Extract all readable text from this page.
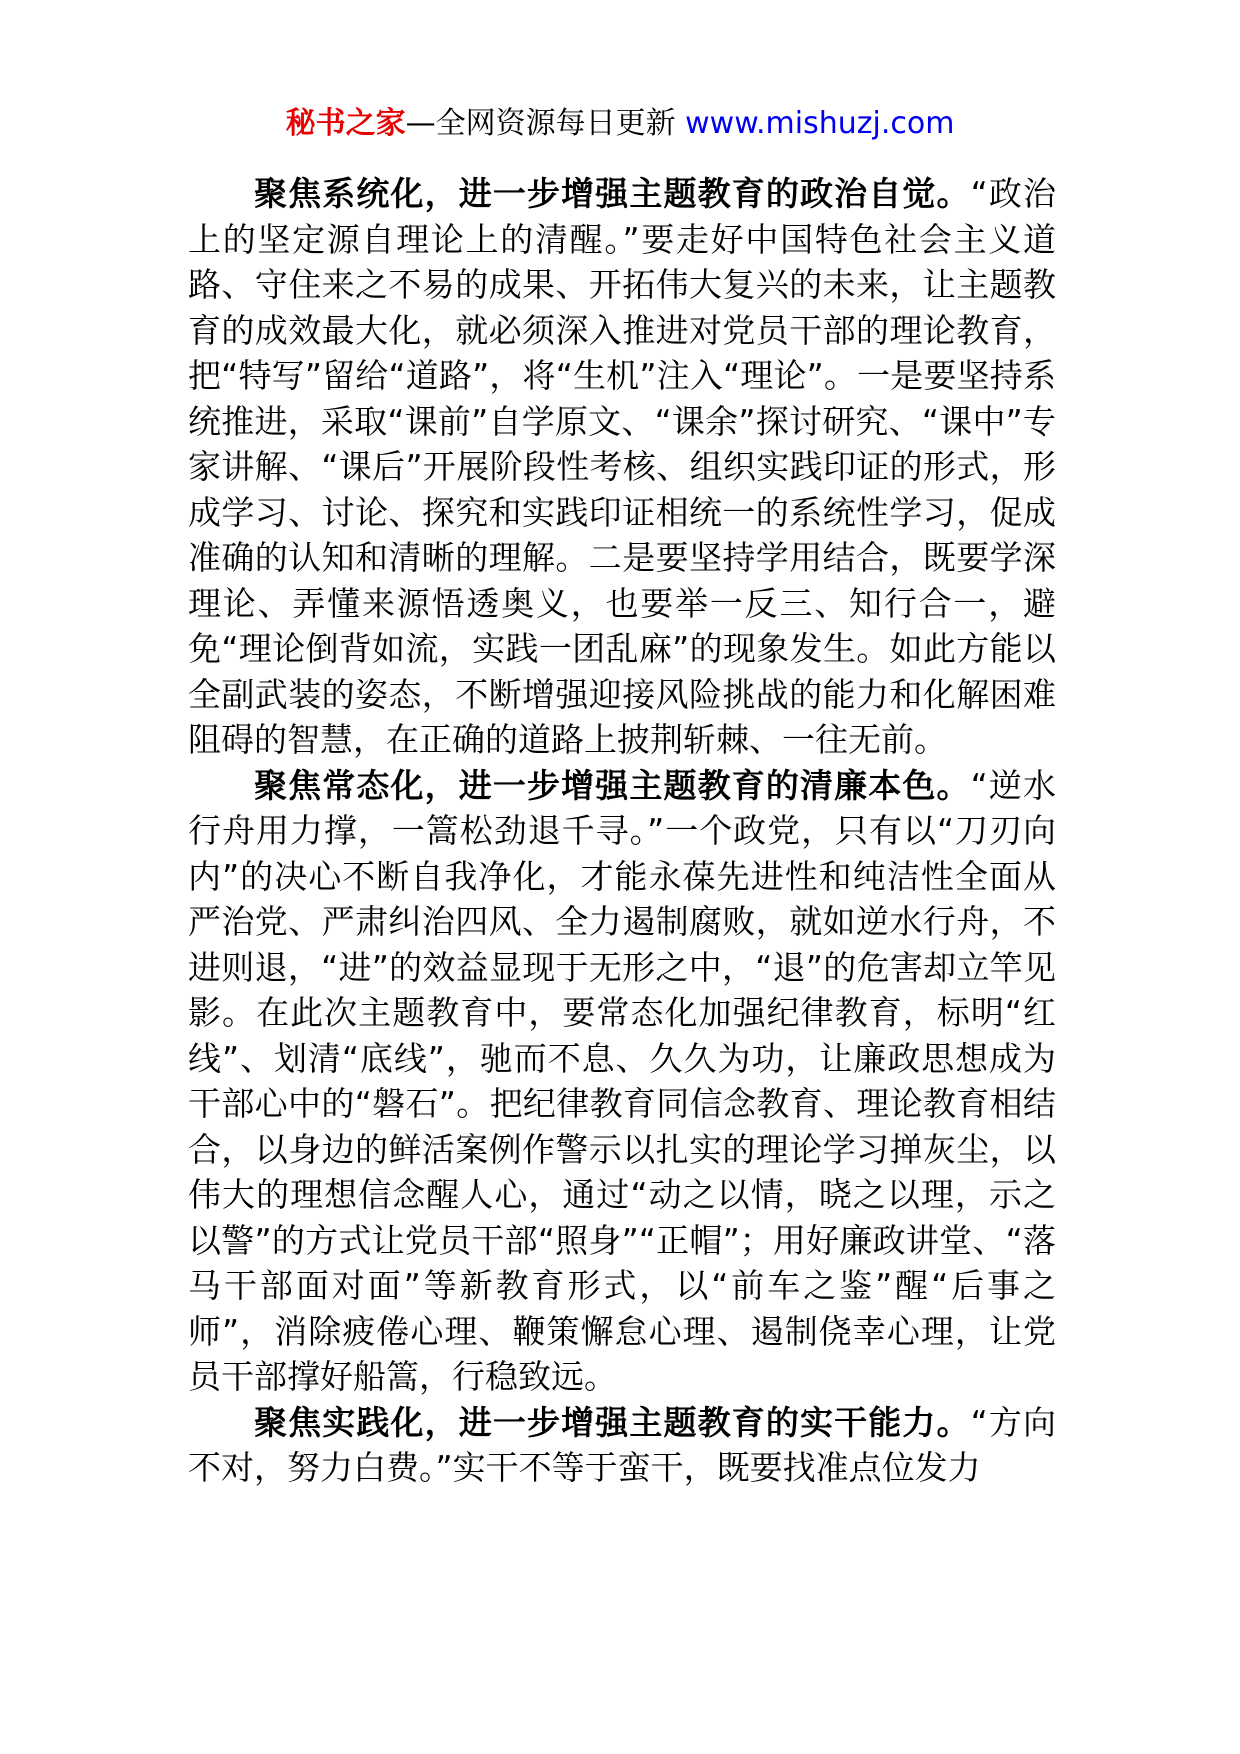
秘书之家—全网资源每日更新 www.mishuzj.com

聚焦系统化，进一步增强主题教育的政治自觉。“政治上的坚定源自理论上的清醒。”要走好中国特色社会主义道路、守住来之不易的成果、开拓伟大复兴的未来，让主题教育的成效最大化，就必须深入推进对党员干部的理论教育，把“特写”留给“道路”，将“生机”注入“理论”。一是要坚持系统推进，采取“课前”自学原文、“课余”探讨研究、“课中”专家讲解、“课后”开展阶段性考核、组织实践印证的形式，形成学习、讨论、探究和实践印证相统一的系统性学习，促成准确的认知和清晰的理解。二是要坚持学用结合，既要学深理论、弄懂来源悟透奥义，也要举一反三、知行合一，避免“理论倒背如流，实践一团乱麻”的现象发生。如此方能以全副武装的姿态，不断增强迎接风险挑战的能力和化解困难阻碍的智慧，在正确的道路上披荆斩棘、一往无前。

聚焦常态化，进一步增强主题教育的清廉本色。“逆水行舟用力撑，一篙松劲退千寻。”一个政党，只有以“刀刃向内”的决心不断自我净化，才能永葆先进性和纯洁性全面从严治党、严肃纠治四风、全力遏制腐败，就如逆水行舟，不进则退，“进”的效益显现于无形之中，“退”的危害却立竿见影。在此次主题教育中，要常态化加强纪律教育，标明“红线”、划清“底线”，驰而不息、久久为功，让廉政思想成为干部心中的“磐石”。把纪律教育同信念教育、理论教育相结合，以身边的鲜活案例作警示以扎实的理论学习掸灰尘，以伟大的理想信念醒人心，通过“动之以情，晓之以理，示之以警”的方式让党员干部“照身”“正帽”；用好廉政讲堂、“落马干部面对面”等新教育形式，以“前车之鉴”醒“后事之师”，消除疲倦心理、鞭策懈怠心理、遏制侥幸心理，让党员干部撑好船篙，行稳致远。

聚焦实践化，进一步增强主题教育的实干能力。“方向不对，努力白费。”实干不等于蛮干，既要找准点位发力
